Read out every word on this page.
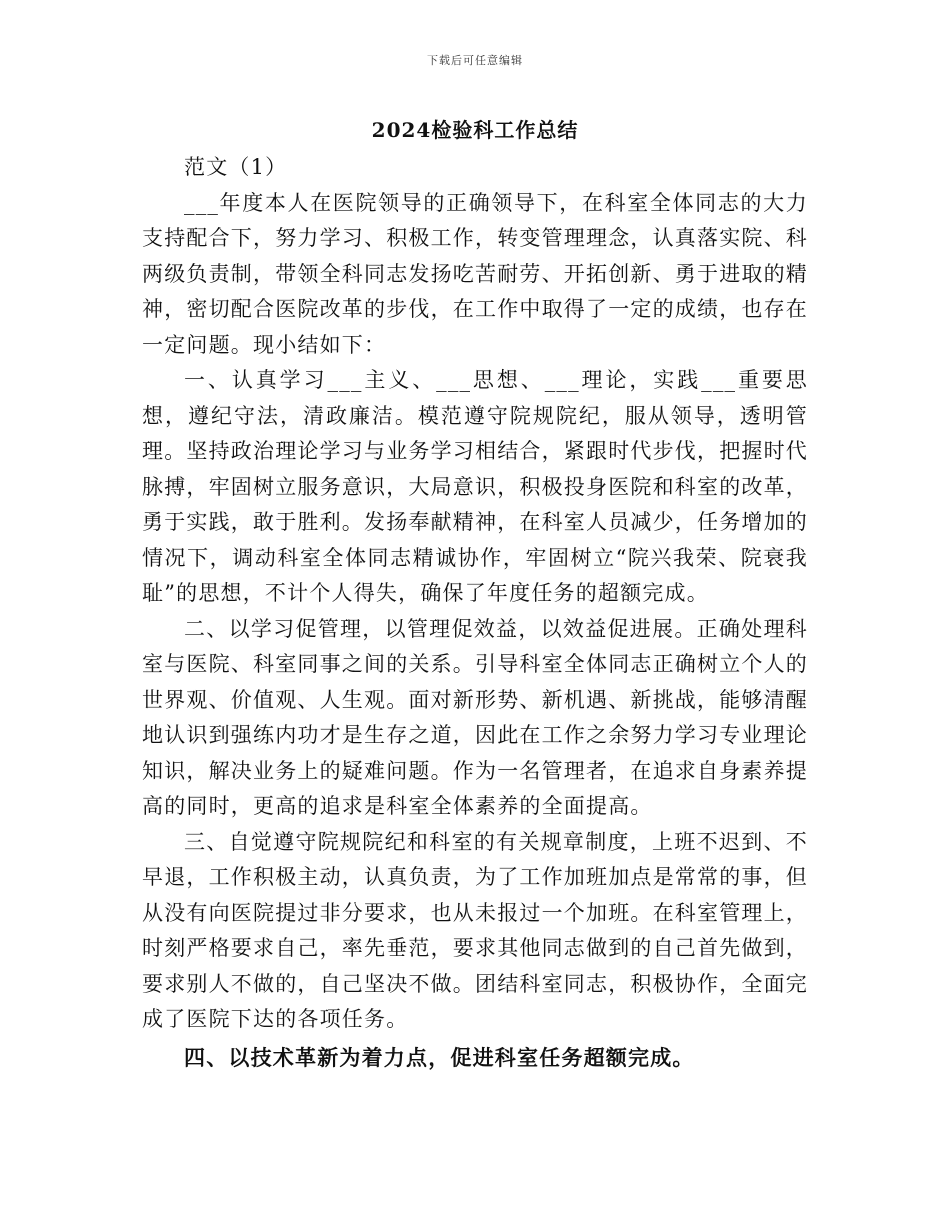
下载后可任意编辑
2024检验科工作总结

范文（1）

___年度本人在医院领导的正确领导下，在科室全体同志的大力支持配合下，努力学习、积极工作，转变管理理念，认真落实院、科两级负责制，带领全科同志发扬吃苦耐劳、开拓创新、勇于进取的精神，密切配合医院改革的步伐，在工作中取得了一定的成绩，也存在一定问题。现小结如下：

一、认真学习___主义、___思想、___理论，实践___重要思想，遵纪守法，清政廉洁。模范遵守院规院纪，服从领导，透明管理。坚持政治理论学习与业务学习相结合，紧跟时代步伐，把握时代脉搏，牢固树立服务意识，大局意识，积极投身医院和科室的改革，勇于实践，敢于胜利。发扬奉献精神，在科室人员减少，任务增加的情况下，调动科室全体同志精诚协作，牢固树立“院兴我荣、院衰我耻”的思想，不计个人得失，确保了年度任务的超额完成。

二、以学习促管理，以管理促效益，以效益促进展。正确处理科室与医院、科室同事之间的关系。引导科室全体同志正确树立个人的世界观、价值观、人生观。面对新形势、新机遇、新挑战，能够清醒地认识到强练内功才是生存之道，因此在工作之余努力学习专业理论知识，解决业务上的疑难问题。作为一名管理者，在追求自身素养提高的同时，更高的追求是科室全体素养的全面提高。

三、自觉遵守院规院纪和科室的有关规章制度，上班不迟到、不早退，工作积极主动，认真负责，为了工作加班加点是常常的事，但从没有向医院提过非分要求，也从未报过一个加班。在科室管理上，时刻严格要求自己，率先垂范，要求其他同志做到的自己首先做到，要求别人不做的，自己坚决不做。团结科室同志，积极协作，全面完成了医院下达的各项任务。

四、以技术革新为着力点，促进科室任务超额完成。
